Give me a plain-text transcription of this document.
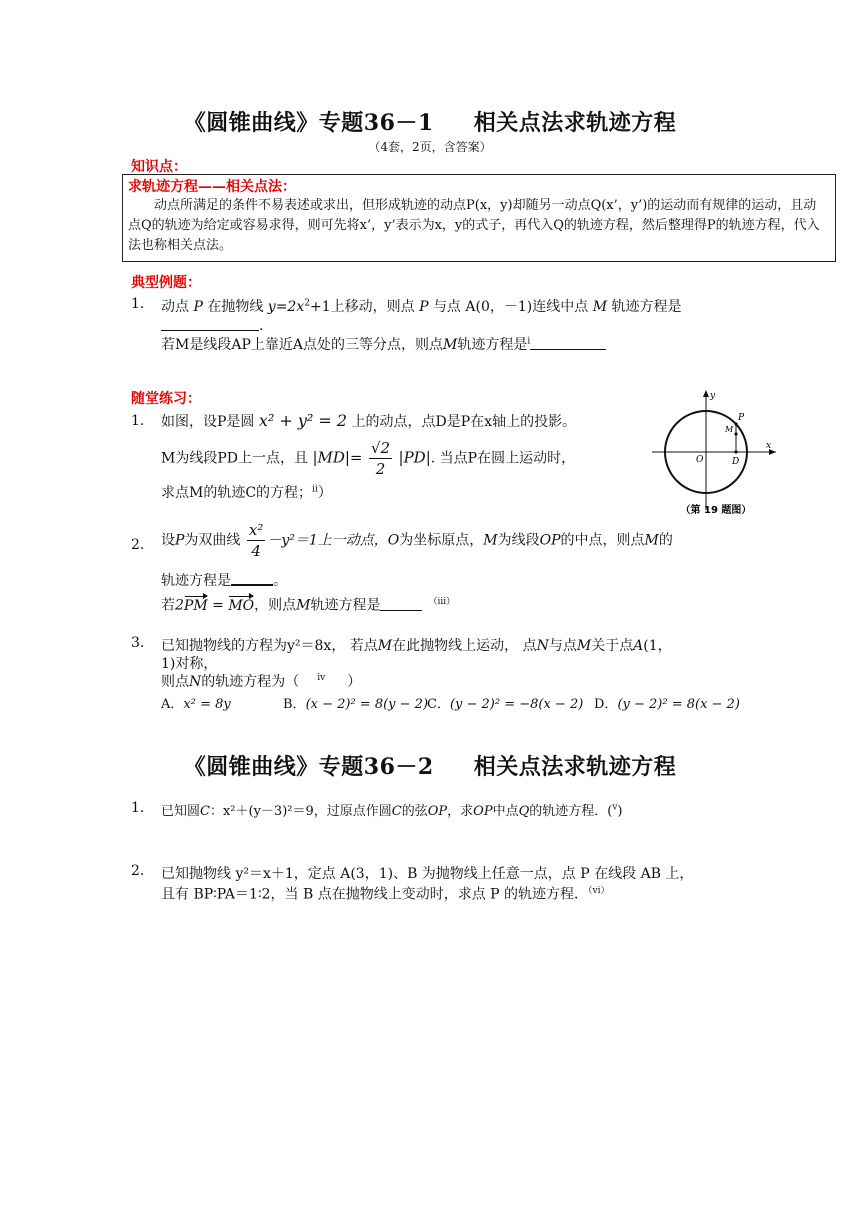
《圆锥曲线》专题36－1 相关点法求轨迹方程
（4套，2页，含答案）
知识点：
求轨迹方程——相关点法：
动点所满足的条件不易表述或求出，但形成轨迹的动点P(x，y)却随另一动点Q(x’，y’)的运动而有规律的运动，且动点Q的轨迹为给定或容易求得，则可先将x’，y’表示为x，y的式子，再代入Q的轨迹方程，然后整理得P的轨迹方程，代入法也称相关点法。
典型例题：
1. 动点 P 在抛物线 $y=2x^2+1$上移动，则点 P 与点 A(0，－1)连线中点 M 轨迹方程是
.
若M是线段AP上靠近A点处的三等分点，则点M轨迹方程是$^i$
随堂练习：
1. 如图，设P是圆 x² + y² = 2 上的动点，点D是P在x轴上的投影。
M为线段PD上一点，且 $|MD|= \frac{√2}{2} |PD|$. 当点P在圆上运动时，
求点M的轨迹C的方程；$^{ii}$）
y
x
P
M
O	D
（第 19 题图）
2. 设P为双曲线 $\frac{\text{x²}}{4} -y^2=1$上一动点，O为坐标原点，M为线段OP的中点，则点M的
轨迹方程是	。
若2PM = MO，则点M轨迹方程是	$^{(iii)}$
3. 已知抛物线的方程为y²＝8x， 若点M在此抛物线上运动， 点N与点M关于点A(1，
1)对称，
则点N的轨迹方程为（ $^{iv}$ ）
A．x² = 8y	B．(x − 2)² = 8(y − 2)C．(y − 2)² = −8(x − 2) D．(y − 2)² = 8(x − 2)
《圆锥曲线》专题36－2 相关点法求轨迹方程
1. 已知圆C：x²＋(y－3)²＝9，过原点作圆C的弦OP，求OP中点Q的轨迹方程．($^v$)
2. 已知抛物线 y²＝x＋1，定点 A(3，1)、B 为抛物线上任意一点，点 P 在线段 AB 上，
且有 BP∶PA＝1∶2，当 B 点在抛物线上变动时，求点 P 的轨迹方程．$^{(vi)}$
